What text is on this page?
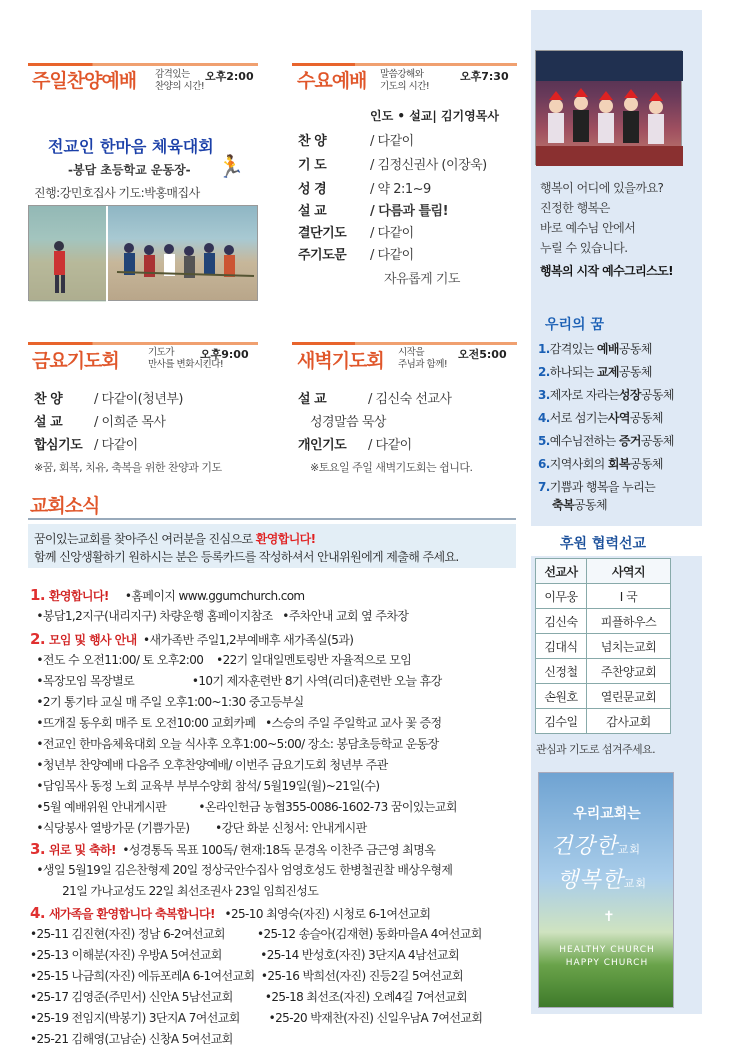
주일찬양예배 감격있는
찬양의 시간!
오후2:00
전교인 한마음 체육대회
-봉담 초등학교 운동장- 🏃
진행:강민호집사 기도:박홍매집사
수요예배 말씀강해와
기도의 시간!
오후7:30
인도 • 설교| 김기영목사
찬 양	/ 다같이
기 도	/ 김정신권사 (이장욱)
성 경	/ 약 2:1~9
설 교	/ 다름과 틀림!
결단기도 / 다같이
주기도문 / 다같이
자유롭게 기도
금요기도회	기도가
만사를 변화시킨다!
오후9:00
찬 양 / 다같이(청년부)
설 교 / 이희준 목사
합심기도 / 다같이
※꿈, 회복, 치유, 축복을 위한 찬양과 기도
새벽기도회 시작을
주님과 함께!
오전5:00
설 교	/ 김신숙 선교사
성경말씀 묵상
개인기도 / 다같이
※토요일 주일 새벽기도회는 쉽니다.
교회소식
꿈이있는교회를 찾아주신 여러분을 진심으로 환영합니다!
함께 신앙생활하기 원하시는 분은 등록카드를 작성하셔서 안내위원에게 제출해 주세요.
1. 환영합니다!     •홈페이지 www.ggumchurch.com
•봉담1,2지구(내리지구) 차량운행 홈페이지참조   •주차안내 교회 옆 주차장
2. 모임 및 행사 안내  •새가족반 주일1,2부예배후 새가족실(5과)
•전도 수 오전11:00/ 토 오후2:00    •22기 일대일멘토링반 자율적으로 모임
•목장모임 목장별로                  •10기 제자훈련반 8기 사역(리더)훈련반 오늘 휴강
•2기 통기타 교실 매 주일 오후1:00~1:30 중고등부실
•뜨개질 동우회 매주 토 오전10:00 교회카페   •스승의 주일 주일학교 교사 꽃 증정
•전교인 한마음체육대회 오늘 식사후 오후1:00~5:00/ 장소: 봉담초등학교 운동장
•청년부 찬양예배 다음주 오후찬양예배/ 이번주 금요기도회 청년부 주관
•담임목사 동정 노회 교육부 부부수양회 참석/ 5월19일(월)~21일(수)
•5월 예배위원 안내게시판          •온라인헌금 농협355-0086-1602-73 꿈이있는교회
•식당봉사 열방가문 (기쁨가문)        •강단 화분 신청서: 안내게시판
3. 위로 및 축하!  •성경통독 목표 100독/ 현재:18독 문경옥 이찬주 금근영 최명옥
•생일 5월19일 김은찬형제 20일 정상국안수집사 엄영호성도 한병철권찰 배상우형제
21일 가나교성도 22일 최선조권사 23일 임희진성도
4. 새가족을 환영합니다 축복합니다!   •25-10 최영숙(자진) 시청로 6-1여선교회
•25-11 김진현(자진) 정남 6-2여선교회          •25-12 송슬아(김재현) 동화마을A 4여선교회
•25-13 이해분(자진) 우방A 5여선교회            •25-14 반성호(자진) 3단지A 4남선교회
•25-15 나금희(자진) 에듀포레A 6-1여선교회  •25-16 박희선(자진) 진등2길 5여선교회
•25-17 김영준(주민서) 신안A 5남선교회          •25-18 최선조(자진) 오례4길 7여선교회
•25-19 전임지(박봉기) 3단지A 7여선교회         •25-20 박재찬(자진) 신일우남A 7여선교회
•25-21 김해영(고남순) 신창A 5여선교회
행복이 어디에 있을까요?
진정한 행복은
바로 예수님 안에서
누릴 수 있습니다.
행복의 시작 예수그리스도!
우리의 꿈
1.감격있는 예배공동체
2.하나되는 교제공동체
3.제자로 자라는성장공동체
4.서로 섬기는사역공동체
5.예수님전하는 증거공동체
6.지역사회의 회복공동체
7.기쁨과 행복을 누리는
축복공동체
후원 협력선교
선교사	사역지
이무웅	I 국
김신숙	피플하우스
김대식	넘치는교회
신정철	주찬양교회
손원호	열린문교회
김수일	감사교회
관심과 기도로 섬겨주세요.
우리교회는
건강한교회
행복한교회
✝
HEALTHY CHURCH
HAPPY CHURCH
